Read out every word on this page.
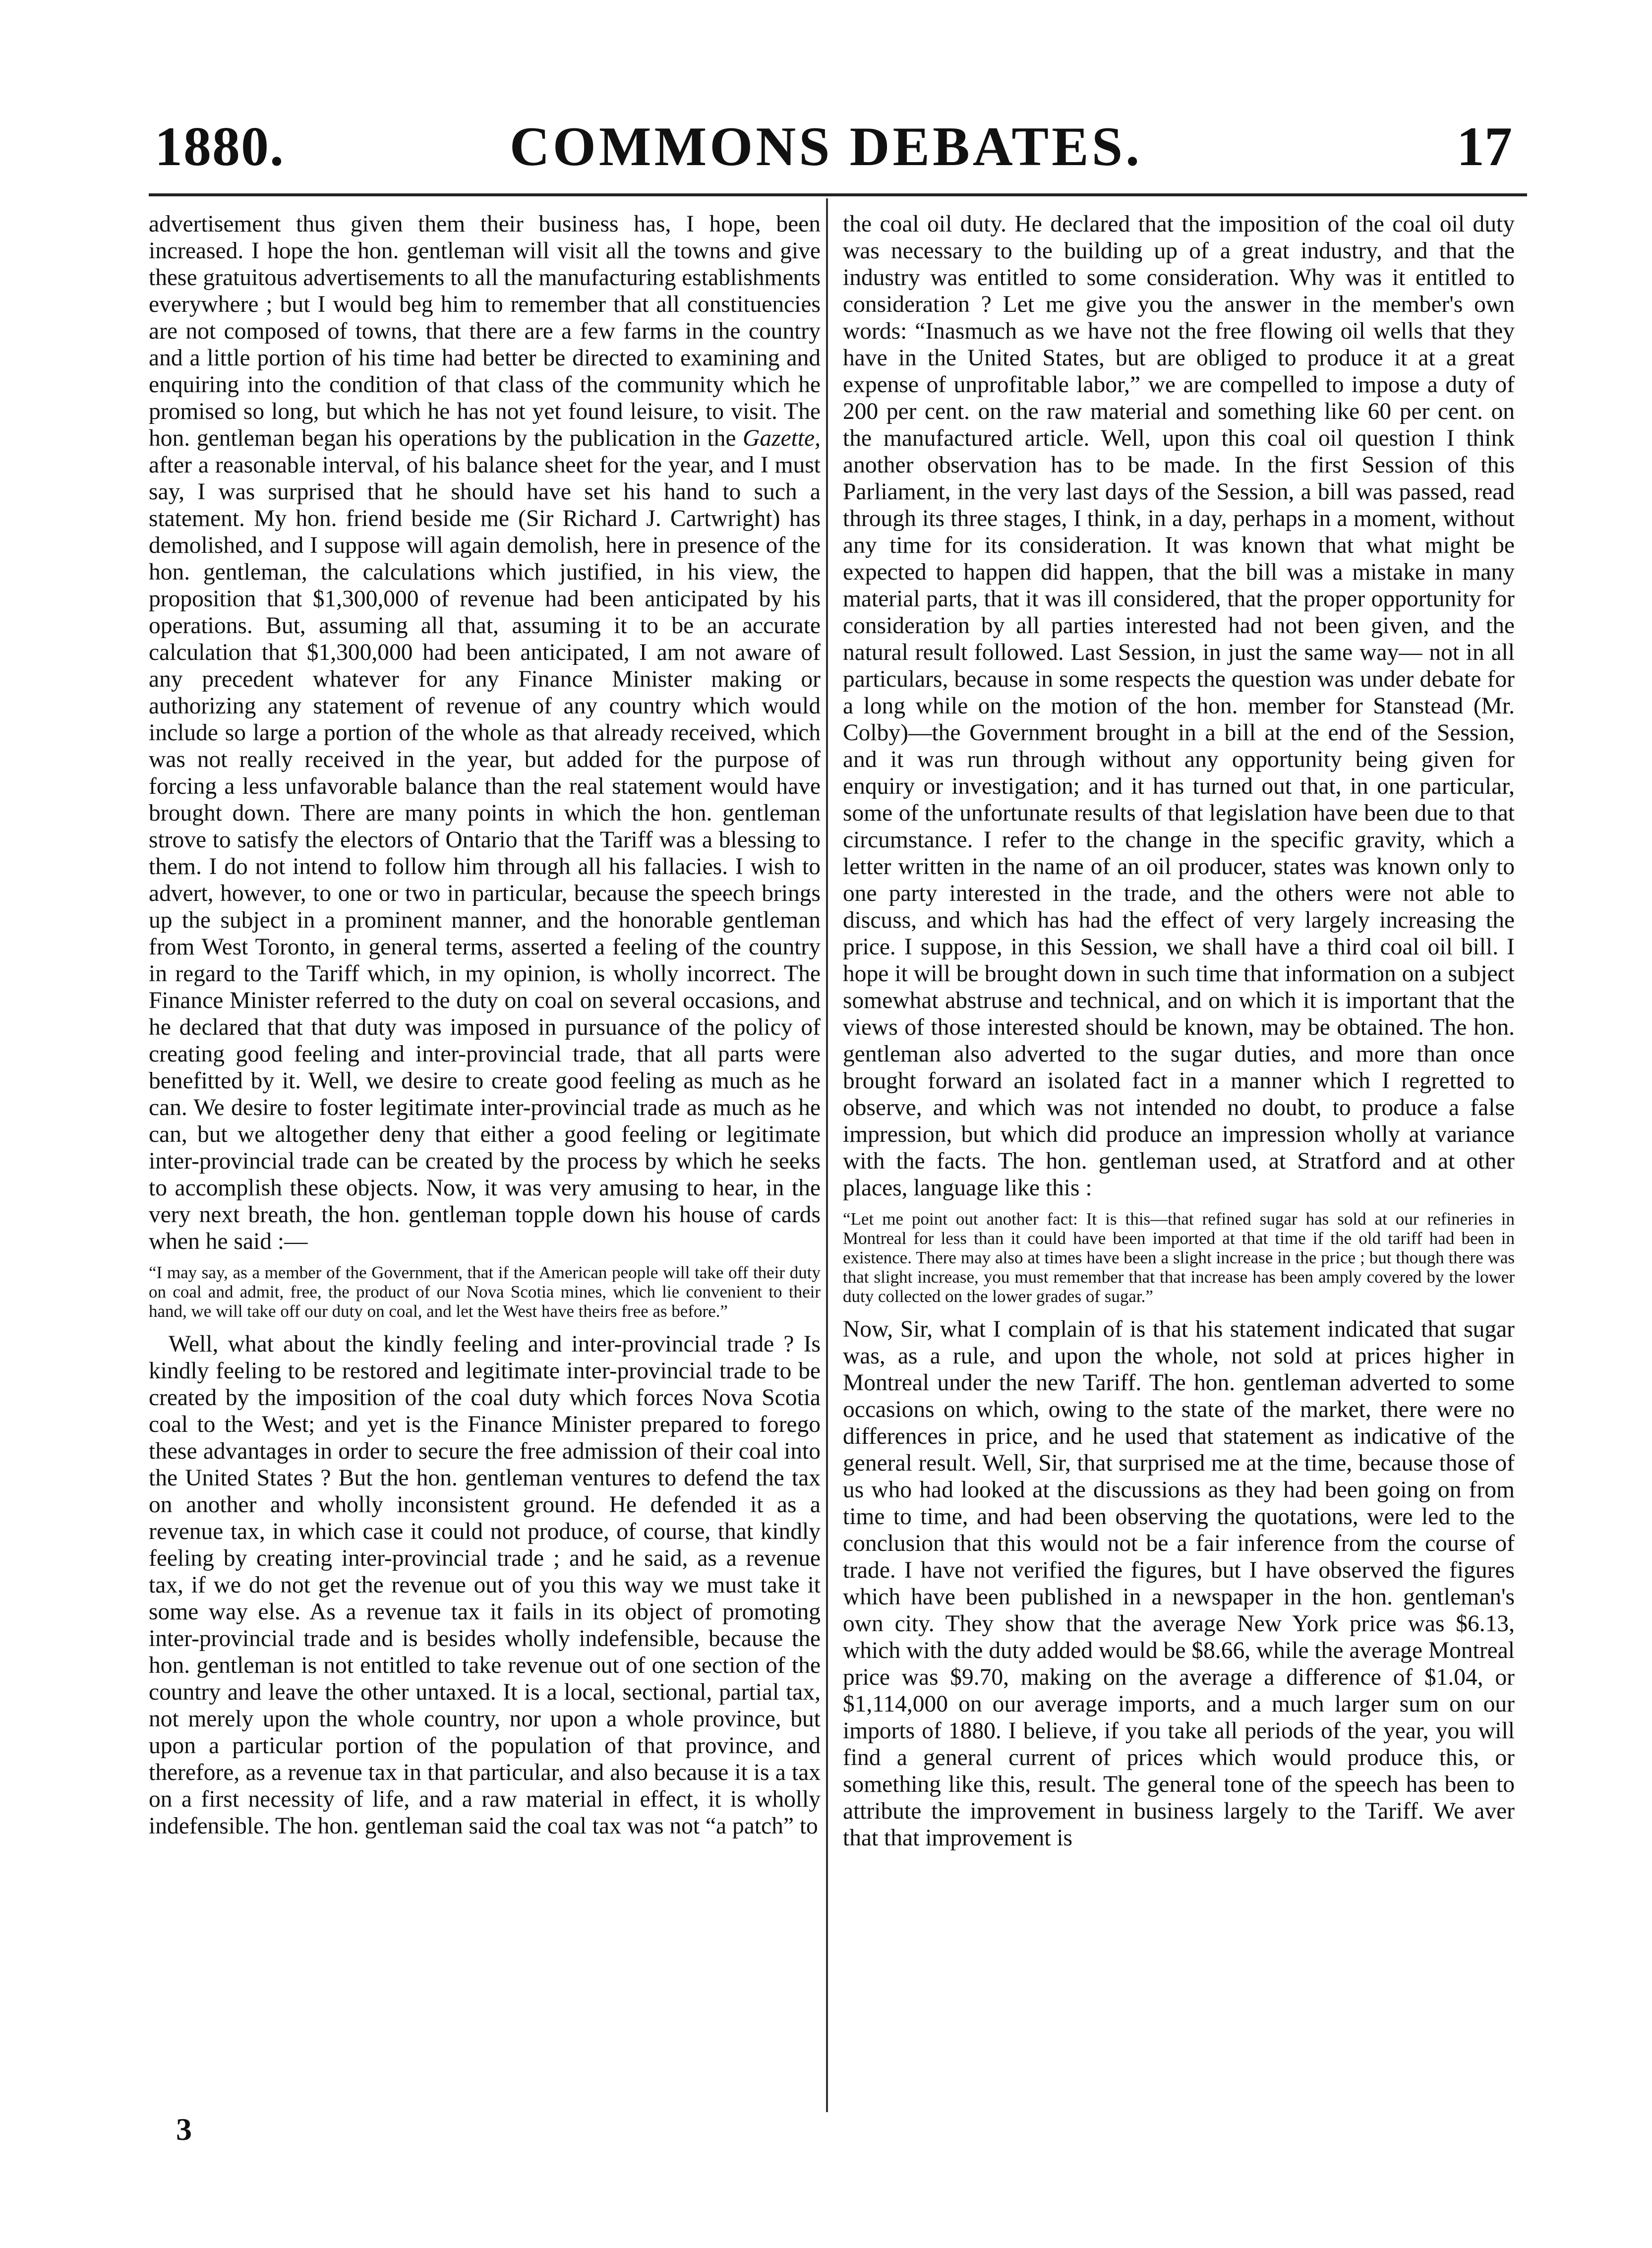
1880.	COMMONS DEBATES.	17

advertisement thus given them their business has, I hope, been increased. I hope the hon. gentleman will visit all the towns and give these gratuitous advertisements to all the manufacturing establishments everywhere ; but I would beg him to remember that all constituencies are not composed of towns, that there are a few farms in the country and a little portion of his time had better be directed to examining and enquiring into the condition of that class of the community which he promised so long, but which he has not yet found leisure, to visit. The hon. gentleman began his operations by the publication in the Gazette, after a reasonable interval, of his balance sheet for the year, and I must say, I was surprised that he should have set his hand to such a statement. My hon. friend beside me (Sir Richard J. Cartwright) has demolished, and I suppose will again demolish, here in presence of the hon. gentleman, the calculations which justified, in his view, the proposition that $1,300,000 of revenue had been anticipated by his operations. But, assuming all that, assuming it to be an accurate calculation that $1,300,000 had been anticipated, I am not aware of any precedent whatever for any Finance Minister making or authorizing any statement of revenue of any country which would include so large a portion of the whole as that already received, which was not really received in the year, but added for the purpose of forcing a less unfavorable balance than the real statement would have brought down. There are many points in which the hon. gentleman strove to satisfy the electors of Ontario that the Tariff was a blessing to them. I do not intend to follow him through all his fallacies. I wish to advert, however, to one or two in particular, because the speech brings up the subject in a prominent manner, and the honorable gentleman from West Toronto, in general terms, asserted a feeling of the country in regard to the Tariff which, in my opinion, is wholly incorrect. The Finance Minister referred to the duty on coal on several occasions, and he declared that that duty was imposed in pursuance of the policy of creating good feeling and inter-provincial trade, that all parts were benefitted by it. Well, we desire to create good feeling as much as he can. We desire to foster legitimate inter-provincial trade as much as he can, but we altogether deny that either a good feeling or legitimate inter-provincial trade can be created by the process by which he seeks to accomplish these objects. Now, it was very amusing to hear, in the very next breath, the hon. gentleman topple down his house of cards when he said :—

“I may say, as a member of the Government, that if the American people will take off their duty on coal and admit, free, the product of our Nova Scotia mines, which lie convenient to their hand, we will take off our duty on coal, and let the West have theirs free as before.”

Well, what about the kindly feeling and inter-provincial trade ? Is kindly feeling to be restored and legitimate inter-provincial trade to be created by the imposition of the coal duty which forces Nova Scotia coal to the West; and yet is the Finance Minister prepared to forego these advantages in order to secure the free admission of their coal into the United States ? But the hon. gentleman ventures to defend the tax on another and wholly inconsistent ground. He defended it as a revenue tax, in which case it could not produce, of course, that kindly feeling by creating inter-provincial trade ; and he said, as a revenue tax, if we do not get the revenue out of you this way we must take it some way else. As a revenue tax it fails in its object of promoting inter-provincial trade and is besides wholly indefensible, because the hon. gentleman is not entitled to take revenue out of one section of the country and leave the other untaxed. It is a local, sectional, partial tax, not merely upon the whole country, nor upon a whole province, but upon a particular portion of the population of that province, and therefore, as a revenue tax in that particular, and also because it is a tax on a first necessity of life, and a raw material in effect, it is wholly indefensible. The hon. gentleman said the coal tax was not “a patch” to

the coal oil duty. He declared that the imposition of the coal oil duty was necessary to the building up of a great industry, and that the industry was entitled to some consideration. Why was it entitled to consideration ? Let me give you the answer in the member's own words: “Inasmuch as we have not the free flowing oil wells that they have in the United States, but are obliged to produce it at a great expense of unprofitable labor,” we are compelled to impose a duty of 200 per cent. on the raw material and something like 60 per cent. on the manufactured article. Well, upon this coal oil question I think another observation has to be made. In the first Session of this Parliament, in the very last days of the Session, a bill was passed, read through its three stages, I think, in a day, perhaps in a moment, without any time for its consideration. It was known that what might be expected to happen did happen, that the bill was a mistake in many material parts, that it was ill considered, that the proper opportunity for consideration by all parties interested had not been given, and the natural result followed. Last Session, in just the same way— not in all particulars, because in some respects the question was under debate for a long while on the motion of the hon. member for Stanstead (Mr. Colby)—the Government brought in a bill at the end of the Session, and it was run through without any opportunity being given for enquiry or investigation; and it has turned out that, in one particular, some of the unfortunate results of that legislation have been due to that circumstance. I refer to the change in the specific gravity, which a letter written in the name of an oil producer, states was known only to one party interested in the trade, and the others were not able to discuss, and which has had the effect of very largely increasing the price. I suppose, in this Session, we shall have a third coal oil bill. I hope it will be brought down in such time that information on a subject somewhat abstruse and technical, and on which it is important that the views of those interested should be known, may be obtained. The hon. gentleman also adverted to the sugar duties, and more than once brought forward an isolated fact in a manner which I regretted to observe, and which was not intended no doubt, to produce a false impression, but which did produce an impression wholly at variance with the facts. The hon. gentleman used, at Stratford and at other places, language like this :

“Let me point out another fact: It is this—that refined sugar has sold at our refineries in Montreal for less than it could have been imported at that time if the old tariff had been in existence. There may also at times have been a slight increase in the price ; but though there was that slight increase, you must remember that that increase has been amply covered by the lower duty collected on the lower grades of sugar.”

Now, Sir, what I complain of is that his statement indicated that sugar was, as a rule, and upon the whole, not sold at prices higher in Montreal under the new Tariff. The hon. gentleman adverted to some occasions on which, owing to the state of the market, there were no differences in price, and he used that statement as indicative of the general result. Well, Sir, that surprised me at the time, because those of us who had looked at the discussions as they had been going on from time to time, and had been observing the quotations, were led to the conclusion that this would not be a fair inference from the course of trade. I have not verified the figures, but I have observed the figures which have been published in a newspaper in the hon. gentleman's own city. They show that the average New York price was $6.13, which with the duty added would be $8.66, while the average Montreal price was $9.70, making on the average a difference of $1.04, or $1,114,000 on our average imports, and a much larger sum on our imports of 1880. I believe, if you take all periods of the year, you will find a general current of prices which would produce this, or something like this, result. The general tone of the speech has been to attribute the improvement in business largely to the Tariff. We aver that that improvement is

3
